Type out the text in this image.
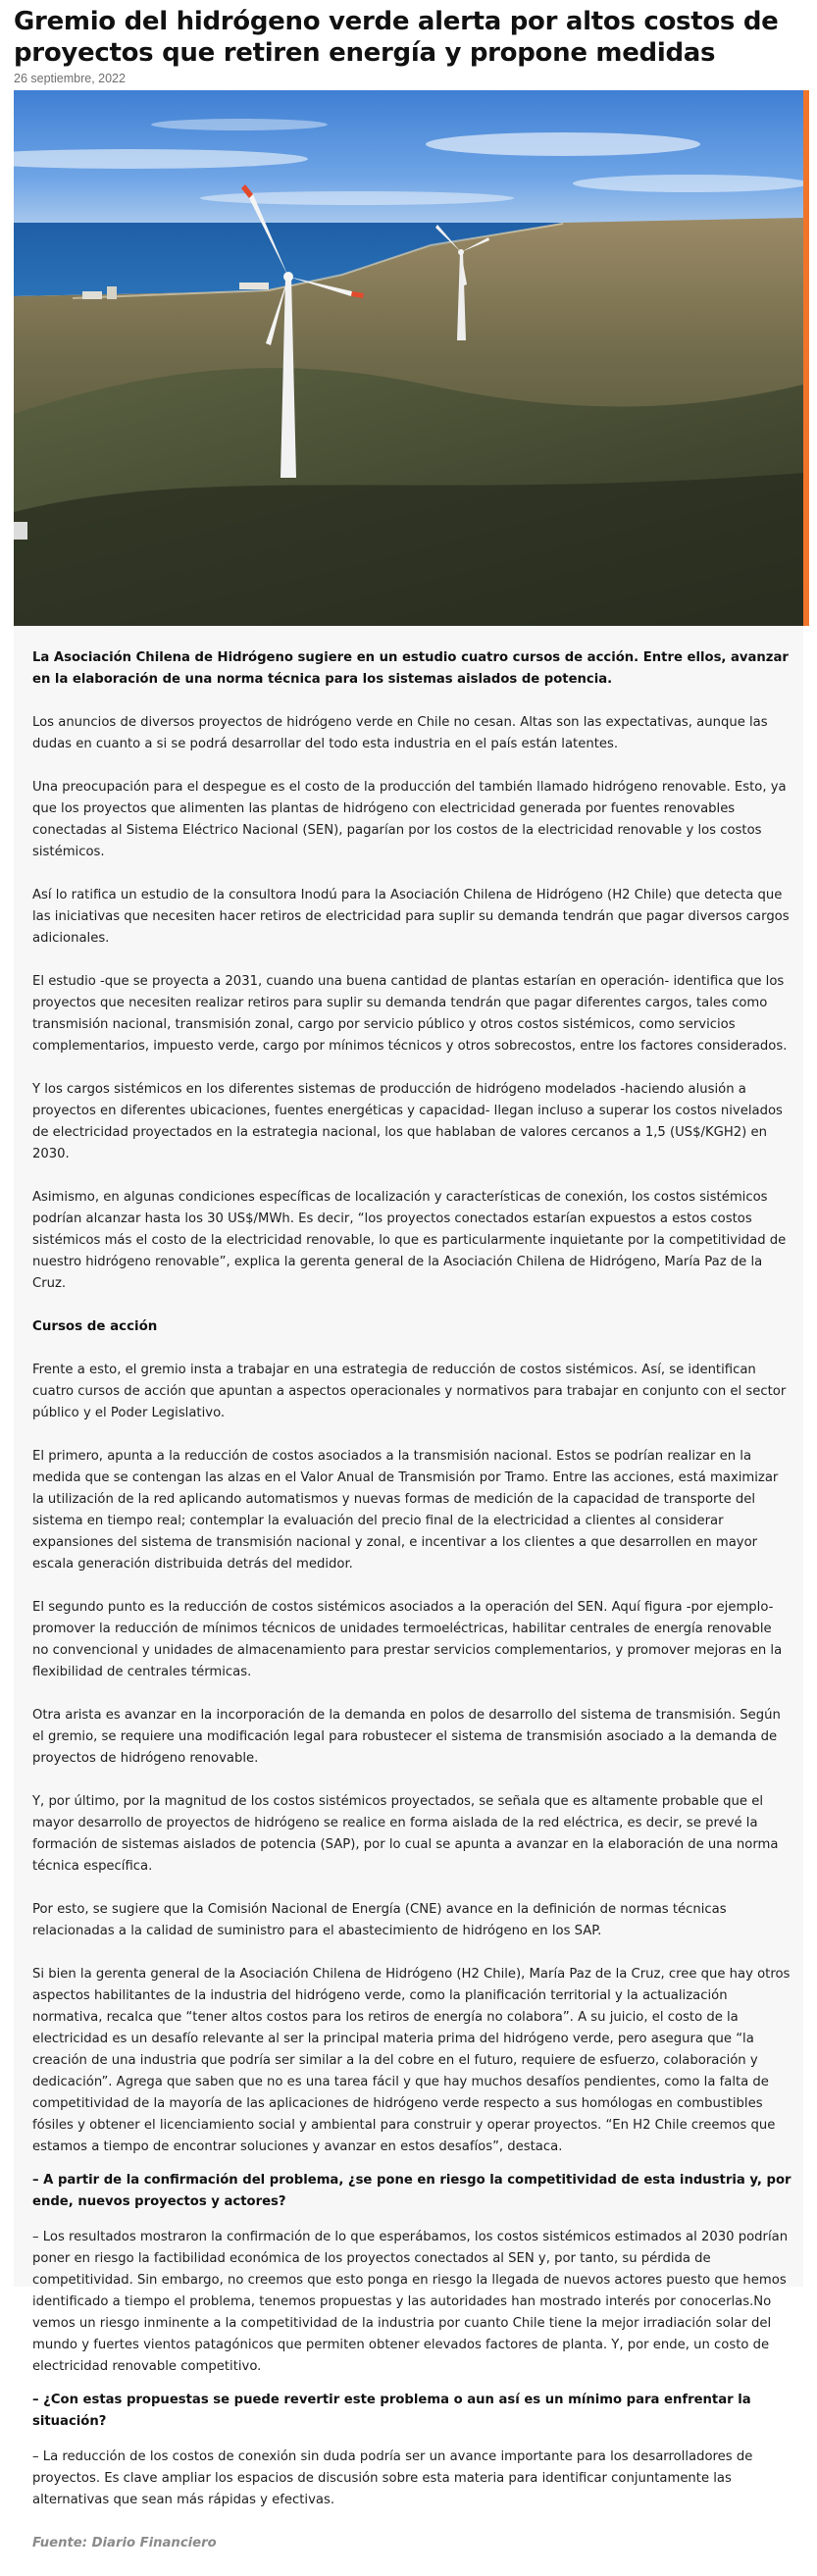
Gremio del hidrógeno verde alerta por altos costos de proyectos que retiren energía y propone medidas
26 septiembre, 2022

La Asociación Chilena de Hidrógeno sugiere en un estudio cuatro cursos de acción. Entre ellos, avanzar en la elaboración de una norma técnica para los sistemas aislados de potencia.

Los anuncios de diversos proyectos de hidrógeno verde en Chile no cesan. Altas son las expectativas, aunque las dudas en cuanto a si se podrá desarrollar del todo esta industria en el país están latentes.

Una preocupación para el despegue es el costo de la producción del también llamado hidrógeno renovable. Esto, ya que los proyectos que alimenten las plantas de hidrógeno con electricidad generada por fuentes renovables conectadas al Sistema Eléctrico Nacional (SEN), pagarían por los costos de la electricidad renovable y los costos sistémicos.

Así lo ratifica un estudio de la consultora Inodú para la Asociación Chilena de Hidrógeno (H2 Chile) que detecta que las iniciativas que necesiten hacer retiros de electricidad para suplir su demanda tendrán que pagar diversos cargos adicionales.

El estudio -que se proyecta a 2031, cuando una buena cantidad de plantas estarían en operación- identifica que los proyectos que necesiten realizar retiros para suplir su demanda tendrán que pagar diferentes cargos, tales como transmisión nacional, transmisión zonal, cargo por servicio público y otros costos sistémicos, como servicios complementarios, impuesto verde, cargo por mínimos técnicos y otros sobrecostos, entre los factores considerados.

Y los cargos sistémicos en los diferentes sistemas de producción de hidrógeno modelados -haciendo alusión a proyectos en diferentes ubicaciones, fuentes energéticas y capacidad- llegan incluso a superar los costos nivelados de electricidad proyectados en la estrategia nacional, los que hablaban de valores cercanos a 1,5 (US$/KGH2) en 2030.

Asimismo, en algunas condiciones específicas de localización y características de conexión, los costos sistémicos podrían alcanzar hasta los 30 US$/MWh. Es decir, “los proyectos conectados estarían expuestos a estos costos sistémicos más el costo de la electricidad renovable, lo que es particularmente inquietante por la competitividad de nuestro hidrógeno renovable”, explica la gerenta general de la Asociación Chilena de Hidrógeno, María Paz de la Cruz.

Cursos de acción

Frente a esto, el gremio insta a trabajar en una estrategia de reducción de costos sistémicos. Así, se identifican cuatro cursos de acción que apuntan a aspectos operacionales y normativos para trabajar en conjunto con el sector público y el Poder Legislativo.

El primero, apunta a la reducción de costos asociados a la transmisión nacional. Estos se podrían realizar en la medida que se contengan las alzas en el Valor Anual de Transmisión por Tramo. Entre las acciones, está maximizar la utilización de la red aplicando automatismos y nuevas formas de medición de la capacidad de transporte del sistema en tiempo real; contemplar la evaluación del precio final de la electricidad a clientes al considerar expansiones del sistema de transmisión nacional y zonal, e incentivar a los clientes a que desarrollen en mayor escala generación distribuida detrás del medidor.

El segundo punto es la reducción de costos sistémicos asociados a la operación del SEN. Aquí figura -por ejemplo- promover la reducción de mínimos técnicos de unidades termoeléctricas, habilitar centrales de energía renovable no convencional y unidades de almacenamiento para prestar servicios complementarios, y promover mejoras en la flexibilidad de centrales térmicas.

Otra arista es avanzar en la incorporación de la demanda en polos de desarrollo del sistema de transmisión. Según el gremio, se requiere una modificación legal para robustecer el sistema de transmisión asociado a la demanda de proyectos de hidrógeno renovable.

Y, por último, por la magnitud de los costos sistémicos proyectados, se señala que es altamente probable que el mayor desarrollo de proyectos de hidrógeno se realice en forma aislada de la red eléctrica, es decir, se prevé la formación de sistemas aislados de potencia (SAP), por lo cual se apunta a avanzar en la elaboración de una norma técnica específica.

Por esto, se sugiere que la Comisión Nacional de Energía (CNE) avance en la definición de normas técnicas relacionadas a la calidad de suministro para el abastecimiento de hidrógeno en los SAP.

Si bien la gerenta general de la Asociación Chilena de Hidrógeno (H2 Chile), María Paz de la Cruz, cree que hay otros aspectos habilitantes de la industria del hidrógeno verde, como la planificación territorial y la actualización normativa, recalca que “tener altos costos para los retiros de energía no colabora”. A su juicio, el costo de la electricidad es un desafío relevante al ser la principal materia prima del hidrógeno verde, pero asegura que “la creación de una industria que podría ser similar a la del cobre en el futuro, requiere de esfuerzo, colaboración y dedicación”. Agrega que saben que no es una tarea fácil y que hay muchos desafíos pendientes, como la falta de competitividad de la mayoría de las aplicaciones de hidrógeno verde respecto a sus homólogas en combustibles fósiles y obtener el licenciamiento social y ambiental para construir y operar proyectos. “En H2 Chile creemos que estamos a tiempo de encontrar soluciones y avanzar en estos desafíos”, destaca.

– A partir de la confirmación del problema, ¿se pone en riesgo la competitividad de esta industria y, por ende, nuevos proyectos y actores?

– Los resultados mostraron la confirmación de lo que esperábamos, los costos sistémicos estimados al 2030 podrían poner en riesgo la factibilidad económica de los proyectos conectados al SEN y, por tanto, su pérdida de competitividad. Sin embargo, no creemos que esto ponga en riesgo la llegada de nuevos actores puesto que hemos identificado a tiempo el problema, tenemos propuestas y las autoridades han mostrado interés por conocerlas.No vemos un riesgo inminente a la competitividad de la industria por cuanto Chile tiene la mejor irradiación solar del mundo y fuertes vientos patagónicos que permiten obtener elevados factores de planta. Y, por ende, un costo de electricidad renovable competitivo.

– ¿Con estas propuestas se puede revertir este problema o aun así es un mínimo para enfrentar la situación?

– La reducción de los costos de conexión sin duda podría ser un avance importante para los desarrolladores de proyectos. Es clave ampliar los espacios de discusión sobre esta materia para identificar conjuntamente las alternativas que sean más rápidas y efectivas.

Fuente: Diario Financiero
